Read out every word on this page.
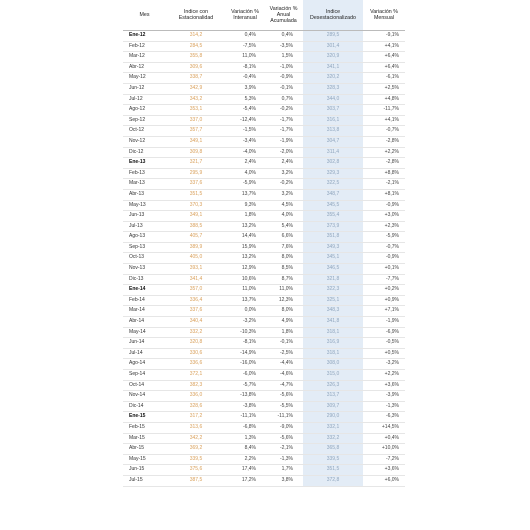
Mes	Indice con Estacionalidad	Variación % Interanual	Variación % Anual Acumulada	Indice Desestacionalizado	Variación % Mensual
Ene-12	314,2	0,4%	0,4%	289,5	-9,1%
Feb-12	284,5	-7,5%	-3,5%	301,4	+4,1%
Mar-12	355,8	11,0%	1,5%	320,9	+6,4%
Abr-12	309,6	-8,1%	-1,0%	341,1	+6,4%
May-12	338,7	-0,4%	-0,9%	320,2	-6,1%
Jun-12	342,9	3,9%	-0,1%	328,3	+2,5%
Jul-12	343,2	5,3%	0,7%	344,0	+4,8%
Ago-12	353,1	-5,4%	-0,2%	303,7	-11,7%
Sep-12	337,0	-12,4%	-1,7%	316,1	+4,1%
Oct-12	357,7	-1,5%	-1,7%	313,8	-0,7%
Nov-12	349,1	-3,4%	-1,9%	304,7	-2,8%
Dic-12	309,8	-4,0%	-2,0%	311,4	+2,2%
Ene-13	321,7	2,4%	2,4%	302,8	-2,8%
Feb-13	295,9	4,0%	3,2%	329,3	+8,8%
Mar-13	337,6	-5,9%	-0,2%	322,5	-2,1%
Abr-13	351,5	13,7%	3,2%	348,7	+8,1%
May-13	370,3	9,3%	4,5%	345,5	-0,9%
Jun-13	349,1	1,8%	4,0%	355,4	+3,0%
Jul-13	388,5	13,2%	5,4%	373,9	+2,3%
Ago-13	405,7	14,4%	6,6%	351,8	-5,9%
Sep-13	389,9	15,9%	7,6%	349,3	-0,7%
Oct-13	405,0	13,2%	8,0%	345,1	-0,9%
Nov-13	393,1	12,9%	8,5%	346,5	+0,1%
Dic-13	341,4	10,6%	8,7%	321,8	-7,7%
Ene-14	357,0	11,0%	11,0%	322,3	+0,2%
Feb-14	336,4	13,7%	12,3%	325,1	+0,9%
Mar-14	337,6	0,0%	8,0%	348,3	+7,1%
Abr-14	340,4	-3,2%	4,9%	341,8	-1,9%
May-14	332,2	-10,3%	1,8%	318,1	-6,9%
Jun-14	320,8	-8,1%	-0,1%	316,9	-0,5%
Jul-14	330,6	-14,9%	-2,5%	318,1	+0,5%
Ago-14	336,6	-16,0%	-4,4%	308,0	-3,2%
Sep-14	372,1	-6,0%	-4,6%	315,0	+2,2%
Oct-14	382,3	-5,7%	-4,7%	326,3	+3,6%
Nov-14	336,0	-13,8%	-5,6%	313,7	-3,9%
Dic-14	328,6	-3,8%	-5,5%	309,7	-1,3%
Ene-15	317,2	-11,1%	-11,1%	290,0	-6,3%
Feb-15	313,6	-6,8%	-9,0%	332,1	+14,5%
Mar-15	342,2	1,3%	-5,6%	332,2	+0,4%
Abr-15	369,2	8,4%	-2,1%	365,8	+10,0%
May-15	339,5	2,2%	-1,3%	339,5	-7,2%
Jun-15	375,6	17,4%	1,7%	351,5	+3,6%
Jul-15	387,5	17,2%	3,8%	372,8	+6,0%
